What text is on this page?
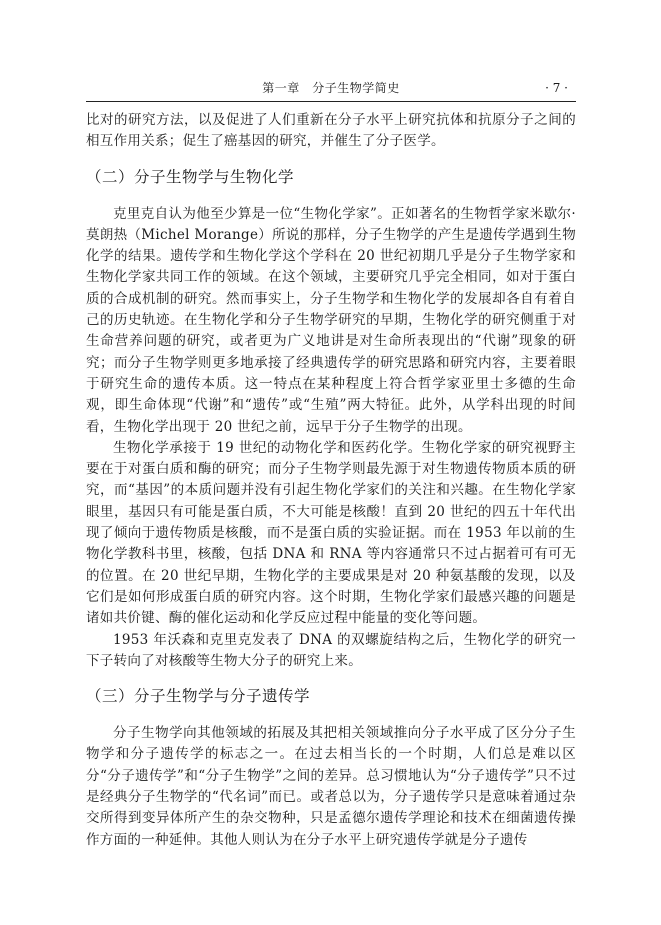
第一章　分子生物学简史	· 7 ·

比对的研究方法，以及促进了人们重新在分子水平上研究抗体和抗原分子之间的相互作用关系；促生了癌基因的研究，并催生了分子医学。

（二）分子生物学与生物化学

克里克自认为他至少算是一位“生物化学家”。正如著名的生物哲学家米歇尔·莫朗热（Michel Morange）所说的那样，分子生物学的产生是遗传学遇到生物化学的结果。遗传学和生物化学这个学科在 20 世纪初期几乎是分子生物学家和生物化学家共同工作的领域。在这个领域，主要研究几乎完全相同，如对于蛋白质的合成机制的研究。然而事实上，分子生物学和生物化学的发展却各自有着自己的历史轨迹。在生物化学和分子生物学研究的早期，生物化学的研究侧重于对生命营养问题的研究，或者更为广义地讲是对生命所表现出的“代谢”现象的研究；而分子生物学则更多地承接了经典遗传学的研究思路和研究内容，主要着眼于研究生命的遗传本质。这一特点在某种程度上符合哲学家亚里士多德的生命观，即生命体现“代谢”和“遗传”或“生殖”两大特征。此外，从学科出现的时间看，生物化学出现于 20 世纪之前，远早于分子生物学的出现。

生物化学承接于 19 世纪的动物化学和医药化学。生物化学家的研究视野主要在于对蛋白质和酶的研究；而分子生物学则最先源于对生物遗传物质本质的研究，而“基因”的本质问题并没有引起生物化学家们的关注和兴趣。在生物化学家眼里，基因只有可能是蛋白质，不大可能是核酸！直到 20 世纪的四五十年代出现了倾向于遗传物质是核酸，而不是蛋白质的实验证据。而在 1953 年以前的生物化学教科书里，核酸，包括 DNA 和 RNA 等内容通常只不过占据着可有可无的位置。在 20 世纪早期，生物化学的主要成果是对 20 种氨基酸的发现，以及它们是如何形成蛋白质的研究内容。这个时期，生物化学家们最感兴趣的问题是诸如共价键、酶的催化运动和化学反应过程中能量的变化等问题。

1953 年沃森和克里克发表了 DNA 的双螺旋结构之后，生物化学的研究一下子转向了对核酸等生物大分子的研究上来。

（三）分子生物学与分子遗传学

分子生物学向其他领域的拓展及其把相关领域推向分子水平成了区分分子生物学和分子遗传学的标志之一。在过去相当长的一个时期，人们总是难以区分“分子遗传学”和“分子生物学”之间的差异。总习惯地认为“分子遗传学”只不过是经典分子生物学的“代名词”而已。或者总以为，分子遗传学只是意味着通过杂交所得到变异体所产生的杂交物种，只是孟德尔遗传学理论和技术在细菌遗传操作方面的一种延伸。其他人则认为在分子水平上研究遗传学就是分子遗传
